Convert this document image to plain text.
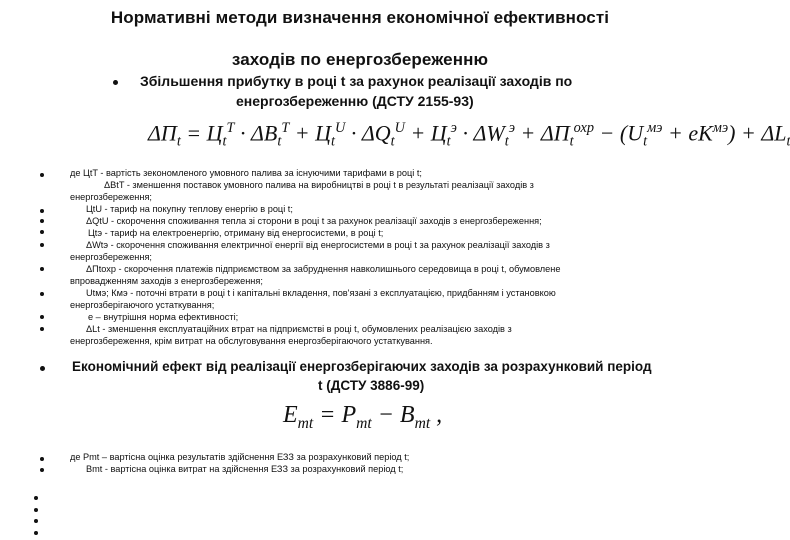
Нормативні методи визначення економічної ефективності
заходів по енергозбереженню
Збільшення прибутку в році t за рахунок реалізації заходів по
енергозбереженню (ДСТУ 2155-93)
$\Delta П_t = Ц_t^T \cdot \Delta В_t^T + Ц_t^U \cdot \Delta Q_t^U + Ц_t^э \cdot \Delta W_t^э + \Delta П_t^{охр} - (U_t^{мэ} + еК^{мэ}) + \Delta L$
де ЦtT - вартість зекономленого умовного палива за існуючими тарифами в році t;
ΔВtT - зменшення поставок умовного палива на виробництві в році t в результаті реалізації заходів з
енергозбереження;
ЦtU - тариф на покупну теплову енергію в році t;
ΔQtU - скорочення споживання тепла зі сторони в році t за рахунок реалізації заходів з енергозбереження;
Цtэ - тариф на електроенергію, отриману від енергосистеми, в році t;
ΔWtэ - скорочення споживання електричної енергії від енергосистеми в році t за рахунок реалізації заходів з
енергозбереження;
ΔПtохр - скорочення платежів підприємством за забруднення навколишнього середовища в році t, обумовлене
впровадженням заходів з енергозбереження;
Utмэ; Кмэ - поточні втрати в році t і капітальні вкладення, пов'язані з експлуатацією, придбанням і установкою
енергозберігаючого устаткування;
е – внутрішня норма ефективності;
ΔLt - зменшення експлуатаційних втрат на підприємстві в році t, обумовлених реалізацією заходів з
енергозбереження, крім витрат на обслуговування енергозберігаючого устаткування.
Економічний ефект від реалізації енергозберігаючих заходів за розрахунковий період
t (ДСТУ 3886-99)
$E_{mt} = P_{mt} - B_{mt}$ ,
де Pmt – вартісна оцінка результатів здійснення ЕЗЗ за розрахунковий період t;
Bmt - вартісна оцінка витрат на здійснення ЕЗЗ за розрахунковий період t;
